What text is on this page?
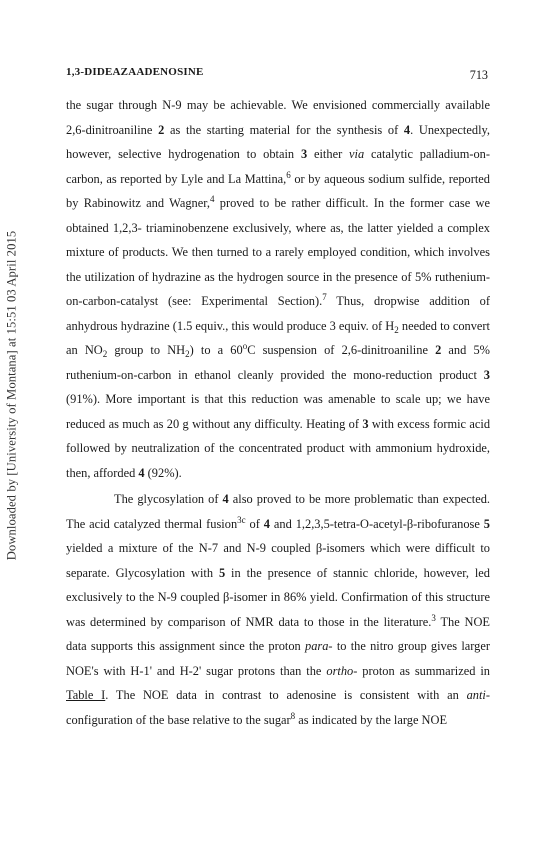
Downloaded by [University of Montana] at 15:51 03 April 2015
1,3-DIDEAZAADENOSINE	713

the sugar through N-9 may be achievable. We envisioned commercially available 2,6-dinitroaniline 2 as the starting material for the synthesis of 4. Unexpectedly, however, selective hydrogenation to obtain 3 either via catalytic palladium-on-carbon, as reported by Lyle and La Mattina,$^6$ or by aqueous sodium sulfide, reported by Rabinowitz and Wagner,$^4$ proved to be rather difficult. In the former case we obtained 1,2,3- triaminobenzene exclusively, where as, the latter yielded a complex mixture of products. We then turned to a rarely employed condition, which involves the utilization of hydrazine as the hydrogen source in the presence of 5% ruthenium-on-carbon-catalyst (see: Experimental Section).$^7$ Thus, dropwise addition of anhydrous hydrazine (1.5 equiv., this would produce 3 equiv. of $H_2$ needed to convert an $NO_2$ group to $NH_2$) to a 60$^o$C suspension of 2,6-dinitroaniline 2 and 5% ruthenium-on-carbon in ethanol cleanly provided the mono-reduction product 3 (91%). More important is that this reduction was amenable to scale up; we have reduced as much as 20 g without any difficulty. Heating of 3 with excess formic acid followed by neutralization of the concentrated product with ammonium hydroxide, then, afforded 4 (92%).

The glycosylation of 4 also proved to be more problematic than expected. The acid catalyzed thermal fusion$^{3c}$ of 4 and 1,2,3,5-tetra-O-acetyl-β-ribofuranose 5 yielded a mixture of the N-7 and N-9 coupled β-isomers which were difficult to separate. Glycosylation with 5 in the presence of stannic chloride, however, led exclusively to the N-9 coupled β-isomer in 86% yield. Confirmation of this structure was determined by comparison of NMR data to those in the literature.$^3$ The NOE data supports this assignment since the proton para- to the nitro group gives larger NOE's with H-1' and H-2' sugar protons than the ortho- proton as summarized in Table I. The NOE data in contrast to adenosine is consistent with an anti- configuration of the base relative to the sugar$^8$ as indicated by the large NOE
